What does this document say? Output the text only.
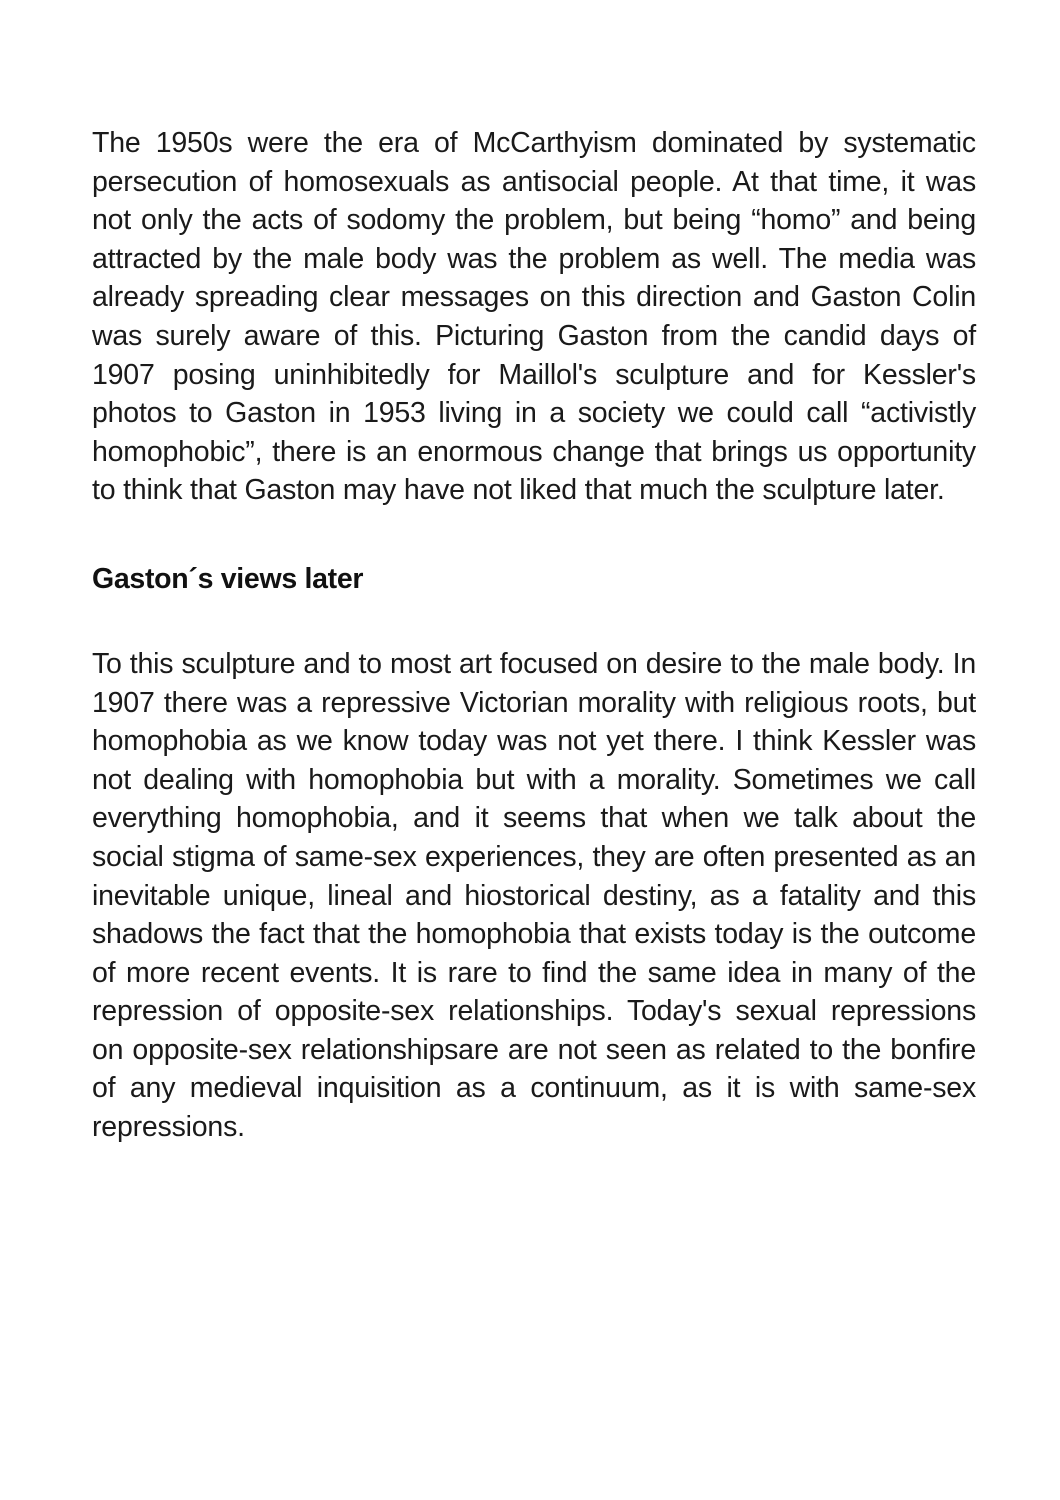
The 1950s were the era of McCarthyism dominated by systematic persecution of homosexuals as antisocial people. At that time, it was not only the acts of sodomy the problem, but being “homo” and being attracted by the male body was the problem as well. The media was already spreading clear messages on this direction and Gaston Colin was surely aware of this. Picturing Gaston from the candid days of 1907 posing uninhibitedly for Maillol's sculpture and for Kessler's photos to Gaston in 1953 living in a society we could call “activistly homophobic”, there is an enormous change that brings us opportunity to think that Gaston may have not liked that much the sculpture later.

Gaston´s views later

To this sculpture and to most art focused on desire to the male body. In 1907 there was a repressive Victorian morality with religious roots, but homophobia as we know today was not yet there. I think Kessler was not dealing with homophobia but with a morality. Sometimes we call everything homophobia, and it seems that when we talk about the social stigma of same-sex experiences, they are often presented as an inevitable unique, lineal and hiostorical destiny, as a fatality and this shadows the fact that the homophobia that exists today is the outcome of more recent events. It is rare to find the same idea in many of the repression of opposite-sex relationships. Today's sexual repressions on opposite-sex relationshipsare are not seen as related to the bonfire of any medieval inquisition as a continuum, as it is with same-sex repressions.
